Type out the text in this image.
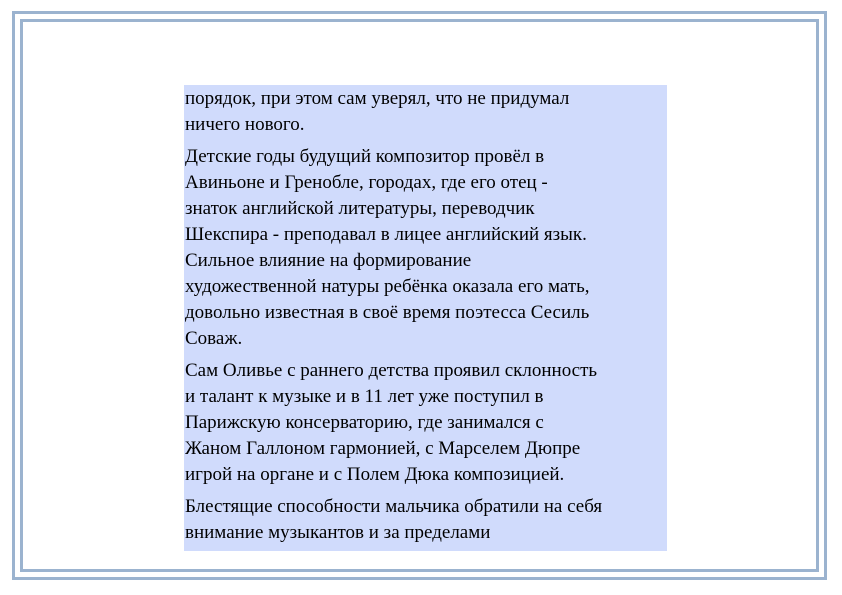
порядок, при этом сам уверял, что не придумал
ничего нового.

Детские годы будущий композитор провёл в
Авиньоне и Гренобле, городах, где его отец -
знаток английской литературы, переводчик
Шекспира - преподавал в лицее английский язык.
Сильное влияние на формирование
художественной натуры ребёнка оказала его мать,
довольно известная в своё время поэтесса Сесиль
Соваж.

Сам Оливье с раннего детства проявил склонность
и талант к музыке и в 11 лет уже поступил в
Парижскую консерваторию, где занимался с
Жаном Галлоном гармонией, с Марселем Дюпре
игрой на органе и с Полем Дюка композицией.

Блестящие способности мальчика обратили на себя
внимание музыкантов и за пределами
